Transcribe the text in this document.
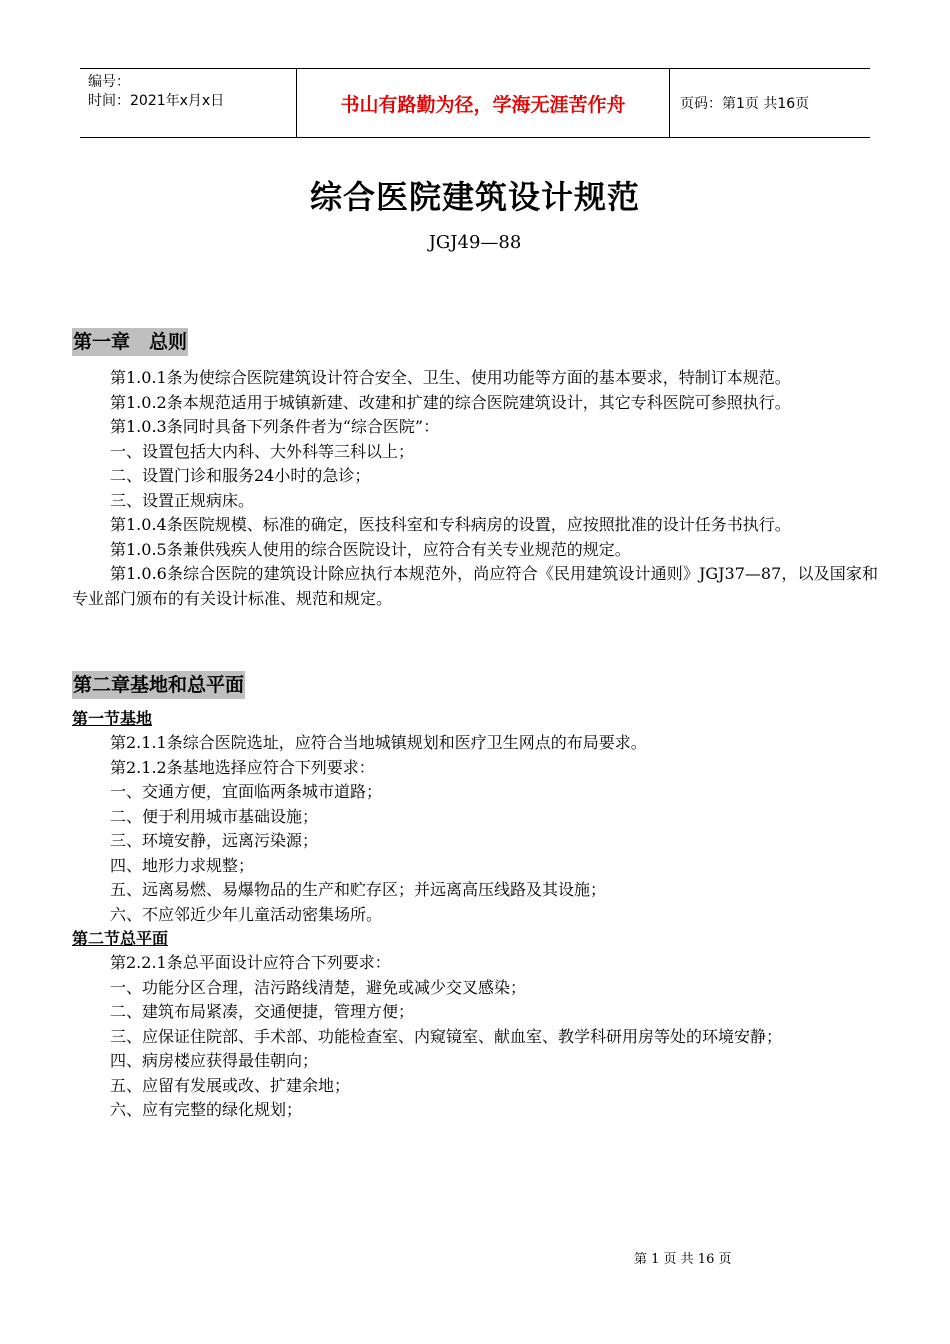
编号：
时间：2021年x月x日	书山有路勤为径，学海无涯苦作舟	页码：第1页 共16页
综合医院建筑设计规范
JGJ49—88
第一章　总则

第1.0.1条为使综合医院建筑设计符合安全、卫生、使用功能等方面的基本要求，特制订本规范。

第1.0.2条本规范适用于城镇新建、改建和扩建的综合医院建筑设计，其它专科医院可参照执行。

第1.0.3条同时具备下列条件者为“综合医院”：

一、设置包括大内科、大外科等三科以上；

二、设置门诊和服务24小时的急诊；

三、设置正规病床。

第1.0.4条医院规模、标准的确定，医技科室和专科病房的设置，应按照批准的设计任务书执行。

第1.0.5条兼供残疾人使用的综合医院设计，应符合有关专业规范的规定。

第1.0.6条综合医院的建筑设计除应执行本规范外，尚应符合《民用建筑设计通则》JGJ37—87，以及国家和专业部门颁布的有关设计标准、规范和规定。

第二章基地和总平面
第一节基地

第2.1.1条综合医院选址，应符合当地城镇规划和医疗卫生网点的布局要求。

第2.1.2条基地选择应符合下列要求：

一、交通方便，宜面临两条城市道路；

二、便于利用城市基础设施；

三、环境安静，远离污染源；

四、地形力求规整；

五、远离易燃、易爆物品的生产和贮存区；并远离高压线路及其设施；

六、不应邻近少年儿童活动密集场所。

第二节总平面

第2.2.1条总平面设计应符合下列要求：

一、功能分区合理，洁污路线清楚，避免或减少交叉感染；

二、建筑布局紧凑，交通便捷，管理方便；

三、应保证住院部、手术部、功能检查室、内窥镜室、献血室、教学科研用房等处的环境安静；

四、病房楼应获得最佳朝向；

五、应留有发展或改、扩建余地；

六、应有完整的绿化规划；

第 1 页 共 16 页
